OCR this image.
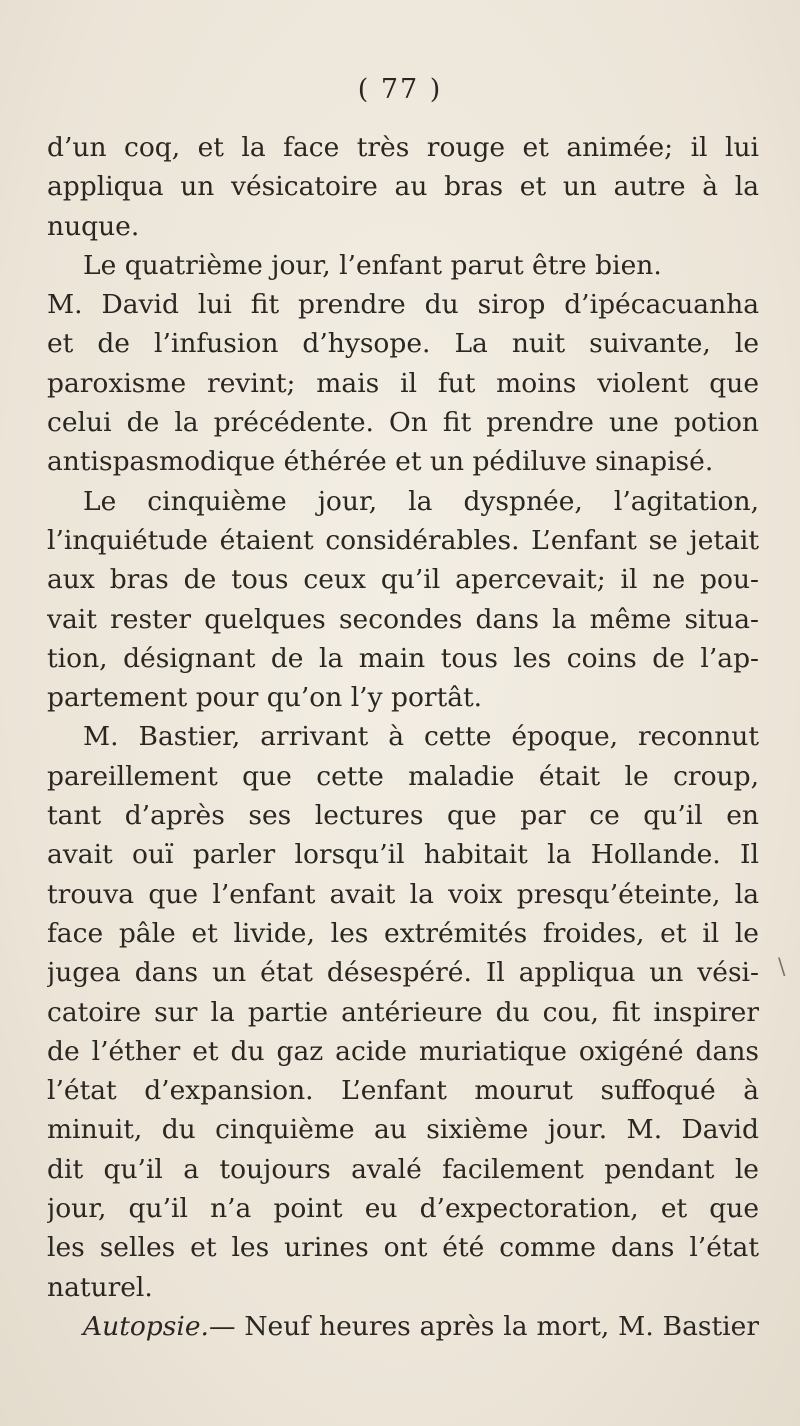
( 77 )
d’un coq, et la face très rouge et animée; il lui
appliqua un vésicatoire au bras et un autre à la
nuque.
Le quatrième jour, l’enfant parut être bien.
M. David lui fit prendre du sirop d’ipécacuanha
et de l’infusion d’hysope. La nuit suivante, le
paroxisme revint; mais il fut moins violent que
celui de la précédente. On fit prendre une potion
antispasmodique éthérée et un pédiluve sinapisé.
Le cinquième jour, la dyspnée, l’agitation,
l’inquiétude étaient considérables. L’enfant se jetait
aux bras de tous ceux qu’il apercevait; il ne pou-
vait rester quelques secondes dans la même situa-
tion, désignant de la main tous les coins de l’ap-
partement pour qu’on l’y portât.
M. Bastier, arrivant à cette époque, reconnut
pareillement que cette maladie était le croup,
tant d’après ses lectures que par ce qu’il en
avait ouï parler lorsqu’il habitait la Hollande. Il
trouva que l’enfant avait la voix presqu’éteinte, la
face pâle et livide, les extrémités froides, et il le
jugea dans un état désespéré. Il appliqua un vési-
catoire sur la partie antérieure du cou, fit inspirer
de l’éther et du gaz acide muriatique oxigéné dans
l’état d’expansion. L’enfant mourut suffoqué à
minuit, du cinquième au sixième jour. M. David
dit qu’il a toujours avalé facilement pendant le
jour, qu’il n’a point eu d’expectoration, et que
les selles et les urines ont été comme dans l’état
naturel.
Autopsie.— Neuf heures après la mort, M. Bastier
\
